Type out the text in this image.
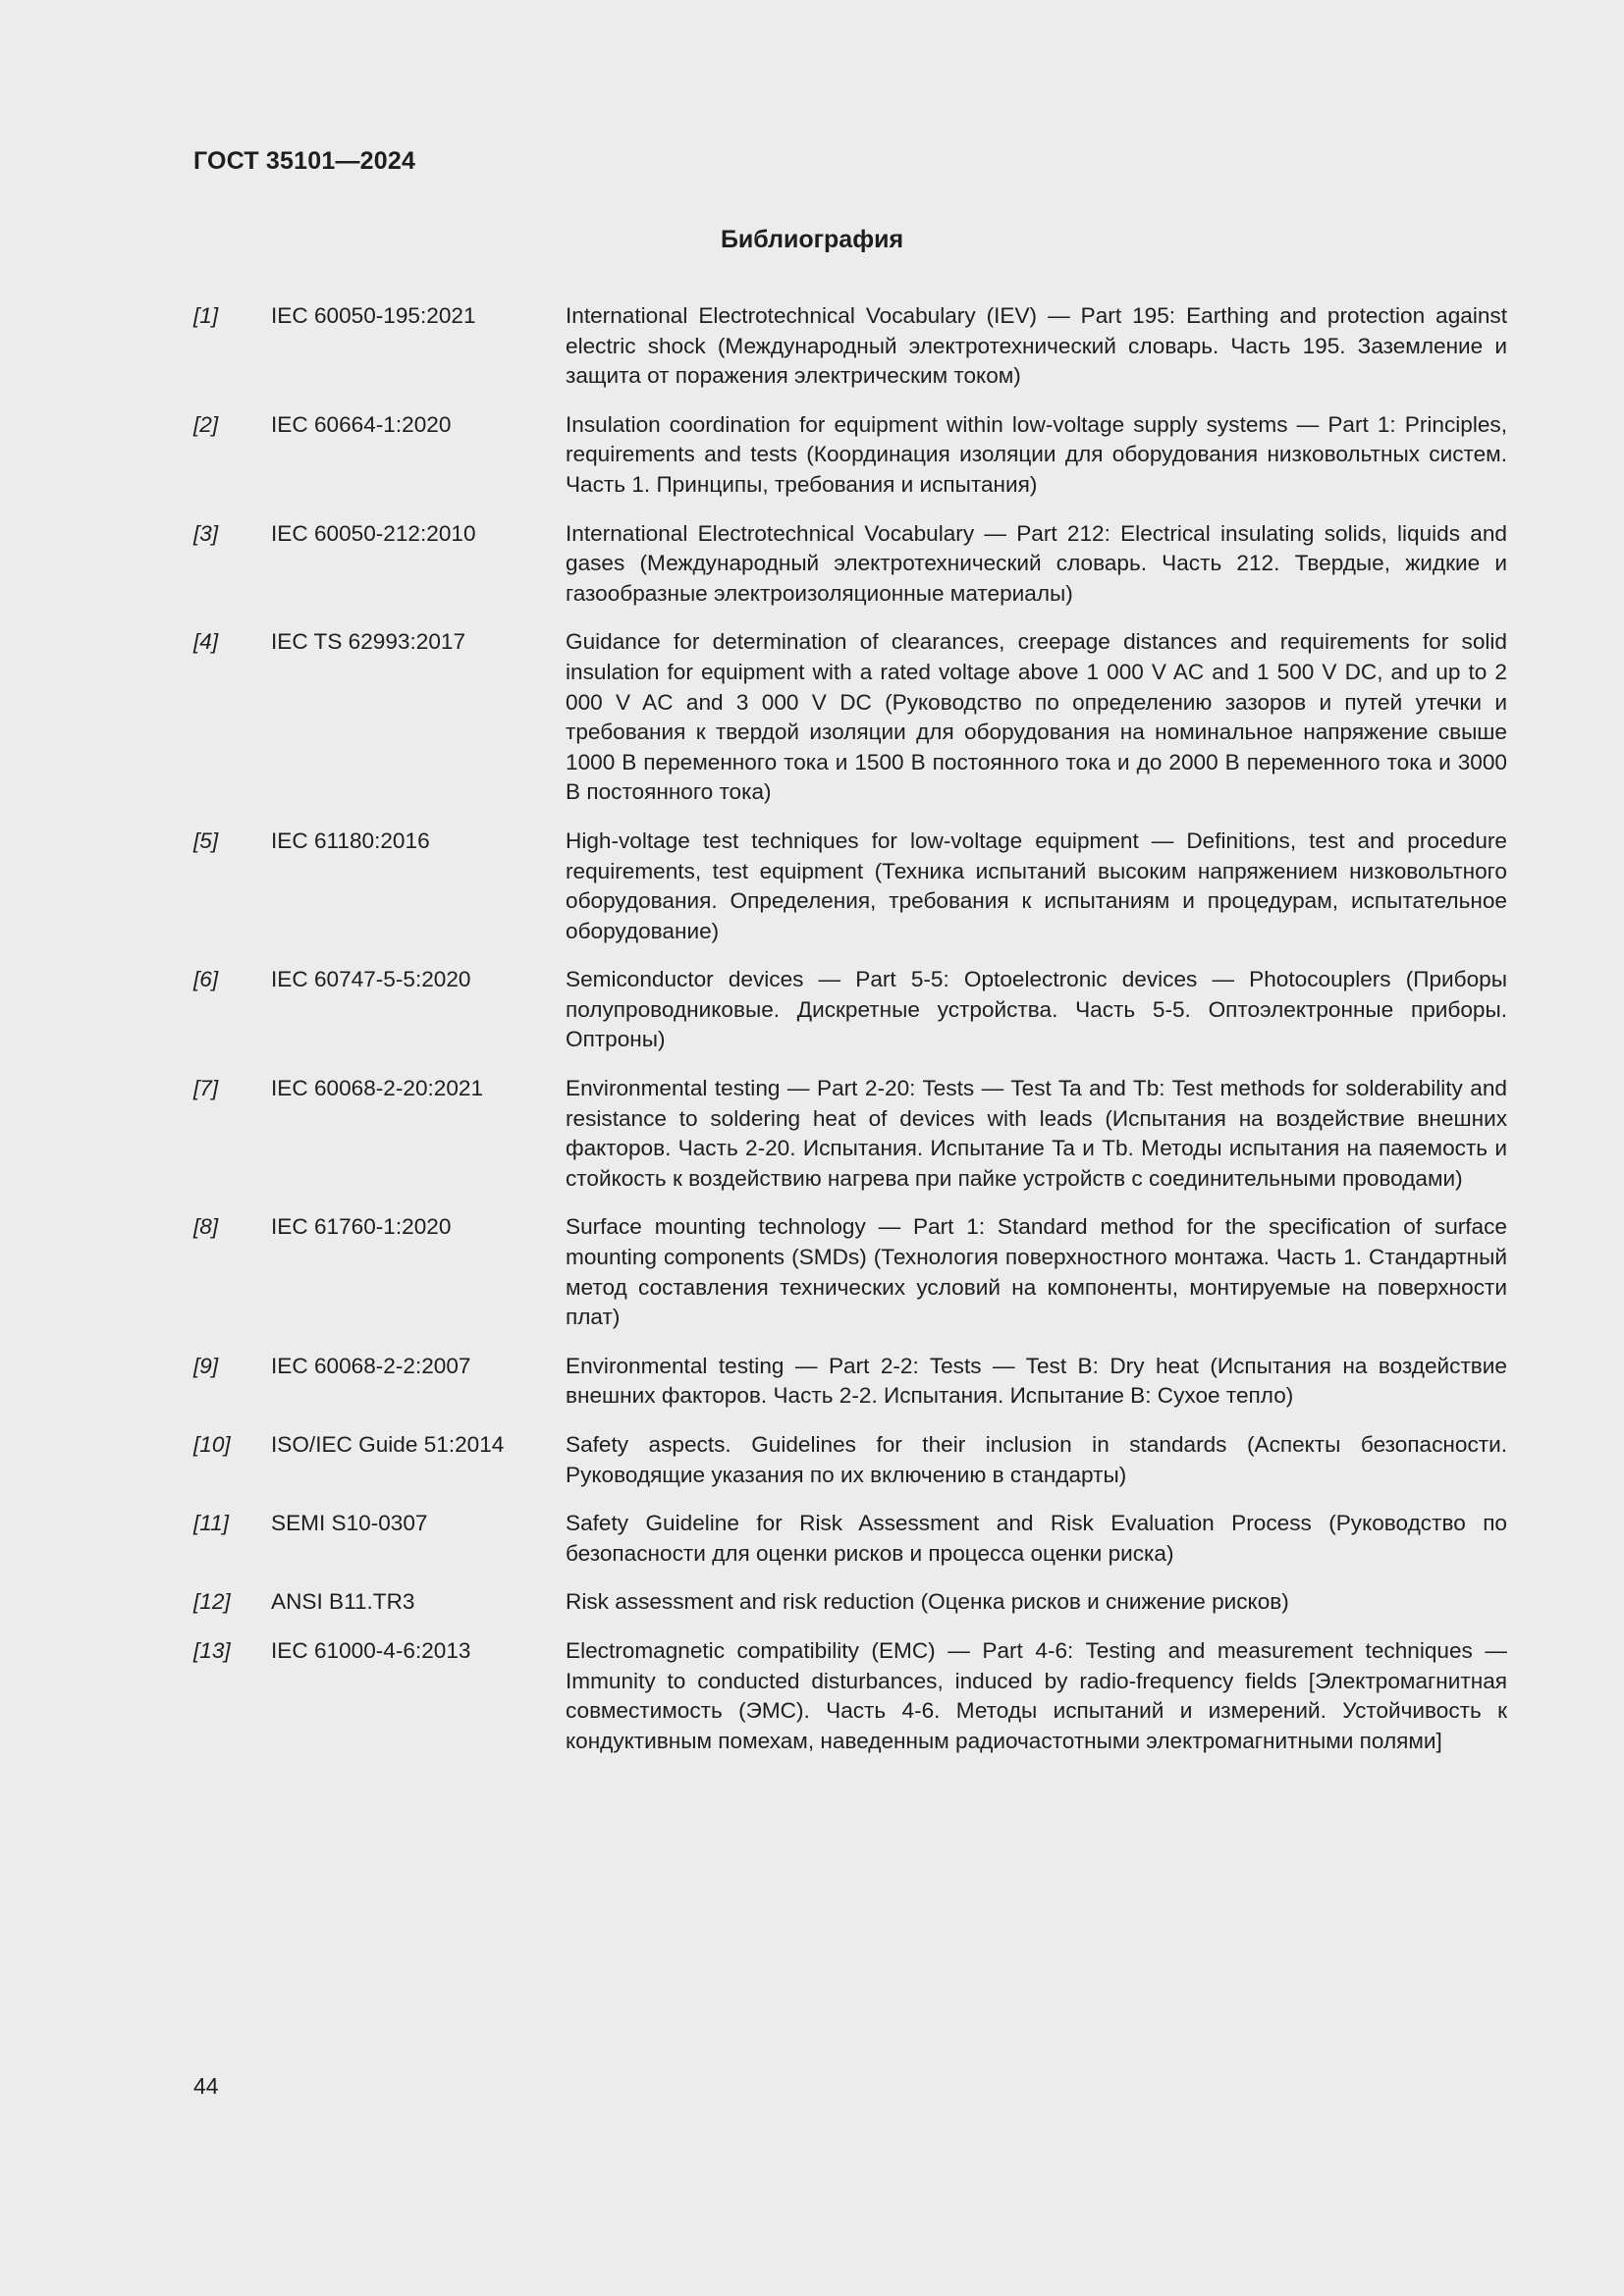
ГОСТ 35101—2024
Библиография
[1]	IEC 60050-195:2021	International Electrotechnical Vocabulary (IEV) — Part 195: Earthing and protection against electric shock (Международный электротехнический словарь. Часть 195. Заземление и защита от поражения электрическим током)
[2]	IEC 60664-1:2020	Insulation coordination for equipment within low-voltage supply systems — Part 1: Principles, requirements and tests (Координация изоляции для оборудования низковольтных систем. Часть 1. Принципы, требования и испытания)
[3]	IEC 60050-212:2010	International Electrotechnical Vocabulary — Part 212: Electrical insulating solids, liquids and gases (Международный электротехнический словарь. Часть 212. Твердые, жидкие и газообразные электроизоляционные материалы)
[4]	IEC TS 62993:2017	Guidance for determination of clearances, creepage distances and requirements for solid insulation for equipment with a rated voltage above 1 000 V AC and 1 500 V DC, and up to 2 000 V AC and 3 000 V DC (Руководство по определению зазоров и путей утечки и требования к твердой изоляции для оборудования на номинальное напряжение свыше 1000 В переменного тока и 1500 В постоянного тока и до 2000 В переменного тока и 3000 В постоянного тока)
[5]	IEC 61180:2016	High-voltage test techniques for low-voltage equipment — Definitions, test and procedure requirements, test equipment (Техника испытаний высоким напряжением низковольтного оборудования. Определения, требования к испытаниям и процедурам, испытательное оборудование)
[6]	IEC 60747-5-5:2020	Semiconductor devices — Part 5-5: Optoelectronic devices — Photocouplers (Приборы полупроводниковые. Дискретные устройства. Часть 5-5. Оптоэлектронные приборы. Оптроны)
[7]	IEC 60068-2-20:2021	Environmental testing — Part 2-20: Tests — Test Ta and Tb: Test methods for solderability and resistance to soldering heat of devices with leads (Испытания на воздействие внешних факторов. Часть 2-20. Испытания. Испытание Ta и Tb. Методы испытания на паяемость и стойкость к воздействию нагрева при пайке устройств с соединительными проводами)
[8]	IEC 61760-1:2020	Surface mounting technology — Part 1: Standard method for the specification of surface mounting components (SMDs) (Технология поверхностного монтажа. Часть 1. Стандартный метод составления технических условий на компоненты, монтируемые на поверхности плат)
[9]	IEC 60068-2-2:2007	Environmental testing — Part 2-2: Tests — Test B: Dry heat (Испытания на воздействие внешних факторов. Часть 2-2. Испытания. Испытание В: Сухое тепло)
[10]	ISO/IEC Guide 51:2014	Safety aspects. Guidelines for their inclusion in standards (Аспекты безопасности. Руководящие указания по их включению в стандарты)
[11]	SEMI S10-0307	Safety Guideline for Risk Assessment and Risk Evaluation Process (Руководство по безопасности для оценки рисков и процесса оценки риска)
[12]	ANSI B11.TR3	Risk assessment and risk reduction (Оценка рисков и снижение рисков)
[13]	IEC 61000-4-6:2013	Electromagnetic compatibility (EMC) — Part 4-6: Testing and measurement techniques — Immunity to conducted disturbances, induced by radio-frequency fields [Электромагнитная совместимость (ЭМС). Часть 4-6. Методы испытаний и измерений. Устойчивость к кондуктивным помехам, наведенным радиочастотными электромагнитными полями]
44
